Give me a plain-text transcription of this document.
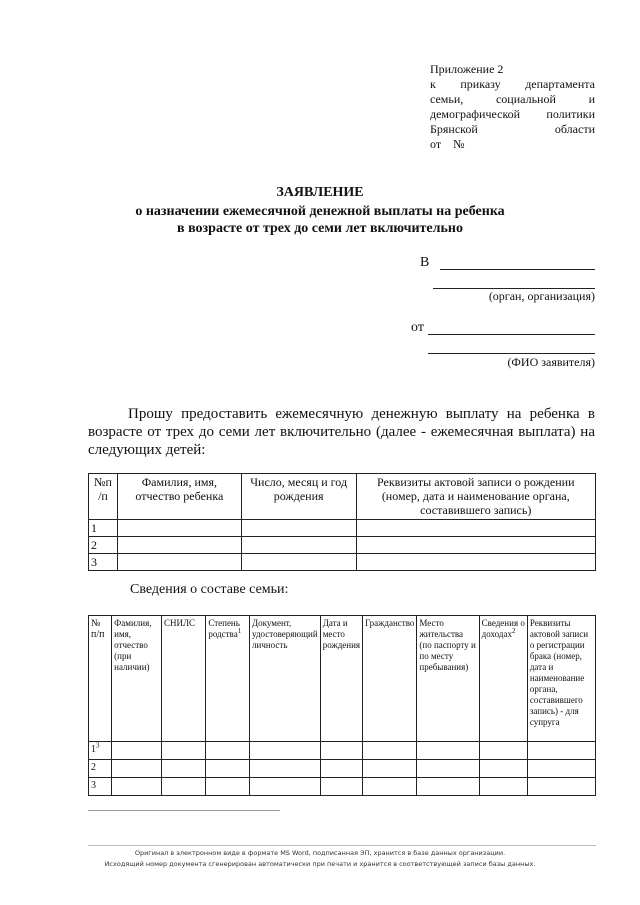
Приложение 2
к приказу департамента
семьи, социальной и
демографической политики
Брянской области
от    №
ЗАЯВЛЕНИЕ
о назначении ежемесячной денежной выплаты на ребенка
в возрасте от трех до семи лет включительно
В
(орган, организация)
от
(ФИО заявителя)
Прошу предоставить ежемесячную денежную выплату на ребенка в возрасте от трех до семи лет включительно (далее - ежемесячная выплата) на следующих детей:
№п /п	Фамилия, имя, отчество ребенка	Число, месяц и год рождения	Реквизиты актовой записи о рождении (номер, дата и наименование органа, составившего запись)
1			
2			
3			
Сведения о составе семьи:
№ п/п	Фамилия, имя, отчество (при наличии)	СНИЛС	Степень родства$^1$	Документ, удостоверяющий личность	Дата и место рождения	Гражданство	Место жительства (по паспорту и по месту пребывания)	Сведения о доходах$^2$	Реквизиты актовой записи о регистрации брака (номер, дата и наименование органа, составившего запись) - для супруга
$1^3$									
2									
3									
Оригинал в электронном виде в формате MS Word, подписанная ЭП, хранится в базе данных организации.
Исходящий номер документа сгенерирован автоматически при печати и хранится в соответствующей записи базы данных.
